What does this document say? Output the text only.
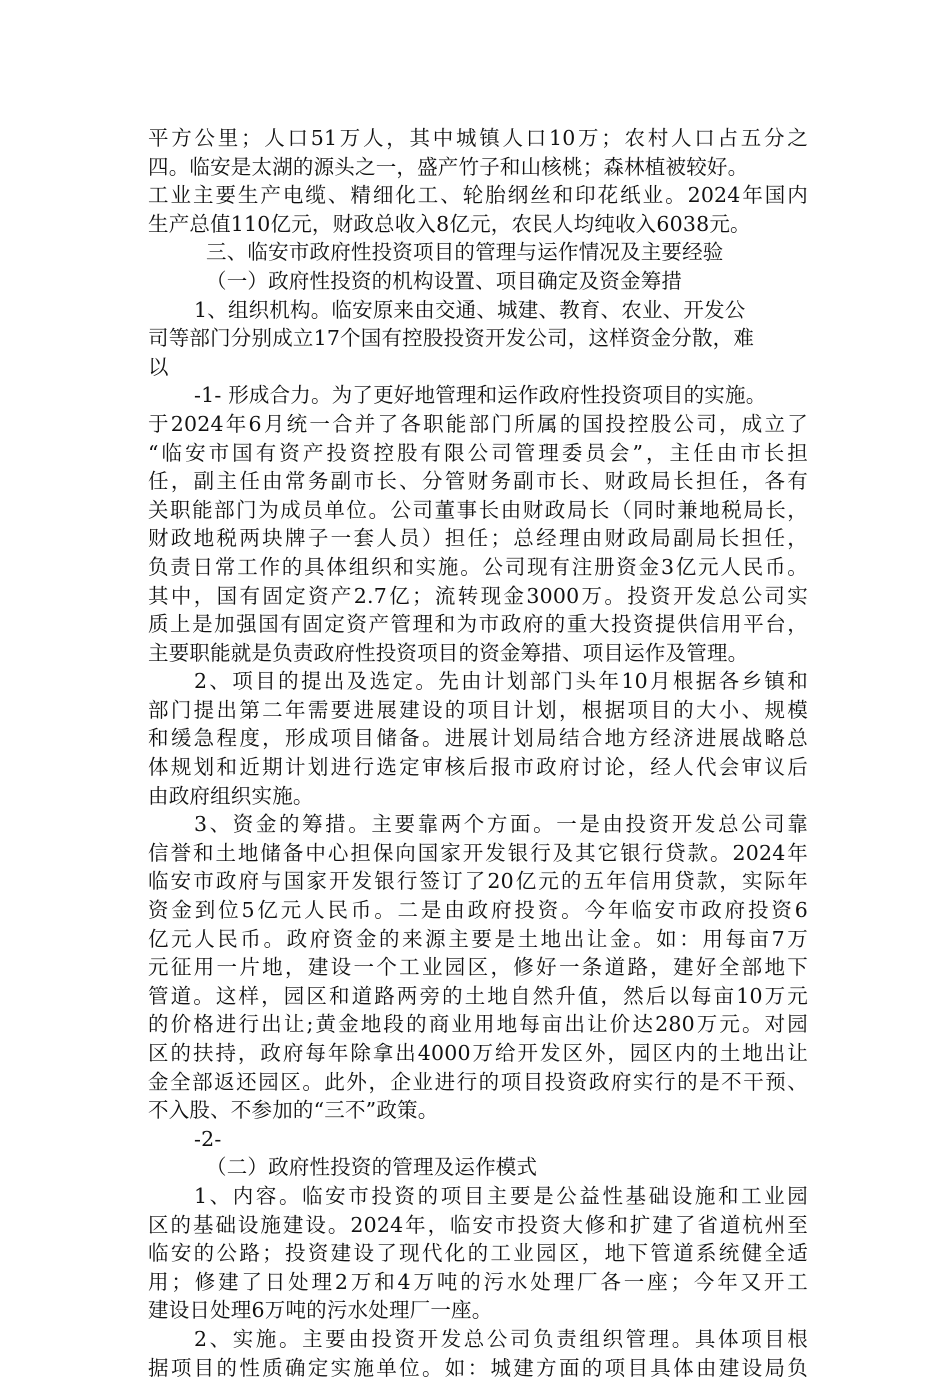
平方公里；人口51万人，其中城镇人口10万；农村人口占五分之
四。临安是太湖的源头之一，盛产竹子和山核桃；森林植被较好。
工业主要生产电缆、精细化工、轮胎纲丝和印花纸业。2024年国内
生产总值110亿元，财政总收入8亿元，农民人均纯收入6038元。
三、临安市政府性投资项目的管理与运作情况及主要经验
（一）政府性投资的机构设置、项目确定及资金筹措
1、组织机构。临安原来由交通、城建、教育、农业、开发公
司等部门分别成立17个国有控股投资开发公司，这样资金分散，难
以
-1- 形成合力。为了更好地管理和运作政府性投资项目的实施。
于2024年6月统一合并了各职能部门所属的国投控股公司，成立了
“临安市国有资产投资控股有限公司管理委员会”，主任由市长担
任，副主任由常务副市长、分管财务副市长、财政局长担任，各有
关职能部门为成员单位。公司董事长由财政局长（同时兼地税局长，
财政地税两块牌子一套人员）担任；总经理由财政局副局长担任，
负责日常工作的具体组织和实施。公司现有注册资金3亿元人民币。
其中，国有固定资产2.7亿；流转现金3000万。投资开发总公司实
质上是加强国有固定资产管理和为市政府的重大投资提供信用平台，
主要职能就是负责政府性投资项目的资金筹措、项目运作及管理。
2、项目的提出及选定。先由计划部门头年10月根据各乡镇和
部门提出第二年需要进展建设的项目计划，根据项目的大小、规模
和缓急程度，形成项目储备。进展计划局结合地方经济进展战略总
体规划和近期计划进行选定审核后报市政府讨论，经人代会审议后
由政府组织实施。
3、资金的筹措。主要靠两个方面。一是由投资开发总公司靠
信誉和土地储备中心担保向国家开发银行及其它银行贷款。2024年
临安市政府与国家开发银行签订了20亿元的五年信用贷款，实际年
资金到位5亿元人民币。二是由政府投资。今年临安市政府投资6
亿元人民币。政府资金的来源主要是土地出让金。如：用每亩7万
元征用一片地，建设一个工业园区，修好一条道路，建好全部地下
管道。这样，园区和道路两旁的土地自然升值，然后以每亩10万元
的价格进行出让;黄金地段的商业用地每亩出让价达280万元。对园
区的扶持，政府每年除拿出4000万给开发区外，园区内的土地出让
金全部返还园区。此外，企业进行的项目投资政府实行的是不干预、
不入股、不参加的“三不”政策。
-2-
（二）政府性投资的管理及运作模式
1、内容。临安市投资的项目主要是公益性基础设施和工业园
区的基础设施建设。2024年，临安市投资大修和扩建了省道杭州至
临安的公路；投资建设了现代化的工业园区，地下管道系统健全适
用；修建了日处理2万和4万吨的污水处理厂各一座；今年又开工
建设日处理6万吨的污水处理厂一座。
2、实施。主要由投资开发总公司负责组织管理。具体项目根
据项目的性质确定实施单位。如：城建方面的项目具体由建设局负
